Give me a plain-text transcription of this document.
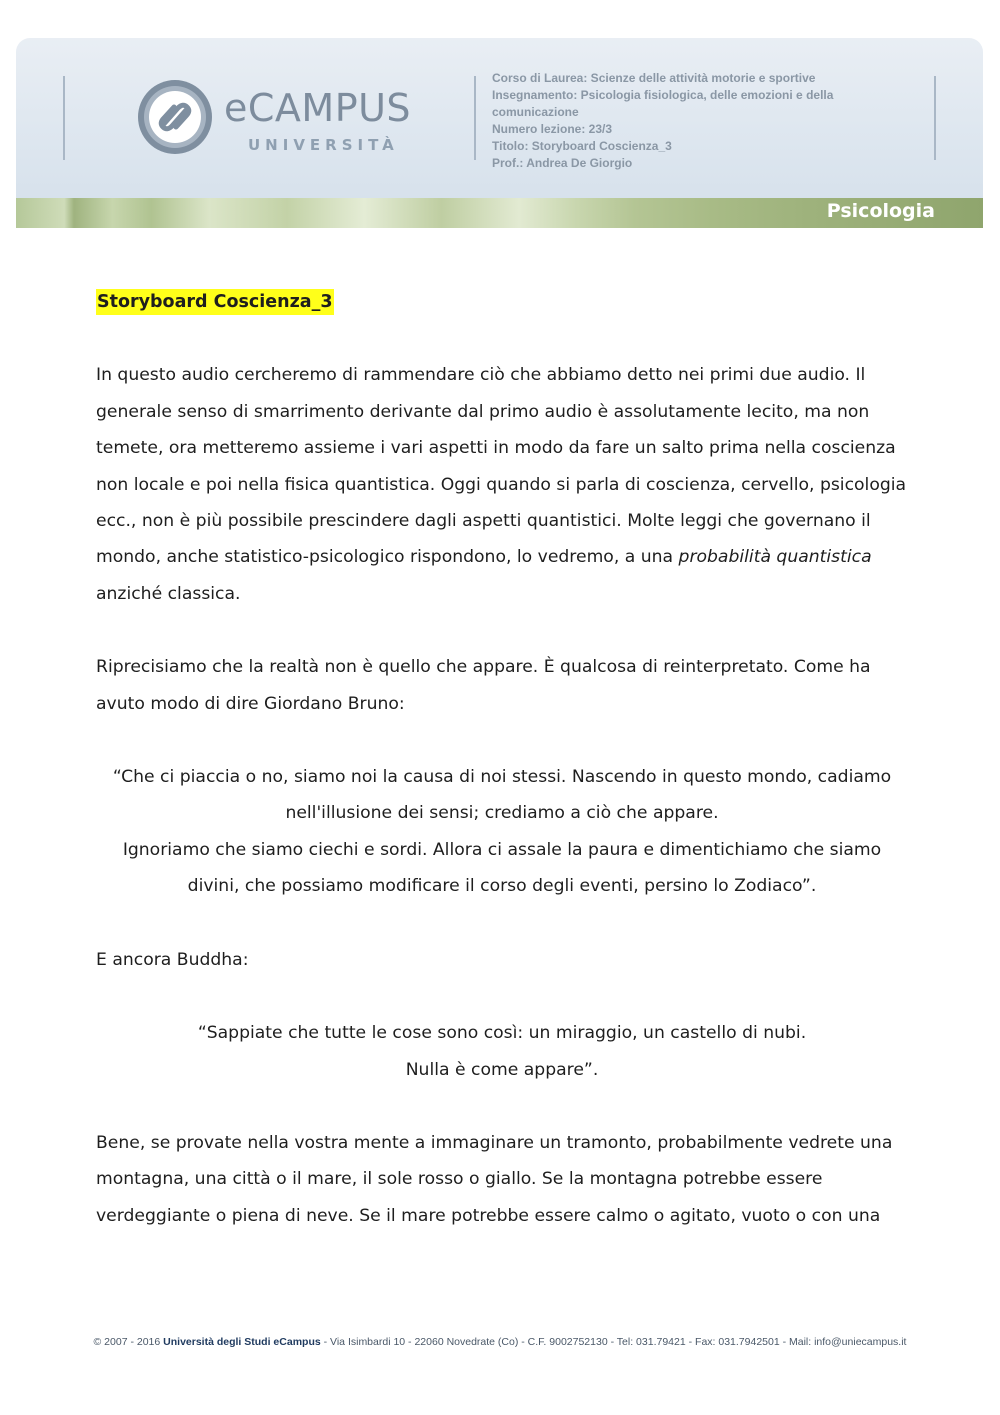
eCAMPUS
UNIVERSITÀ
Corso di Laurea: Scienze delle attività motorie e sportive
Insegnamento: Psicologia fisiologica, delle emozioni e della
comunicazione
Numero lezione: 23/3
Titolo: Storyboard Coscienza_3
Prof.: Andrea De Giorgio
Psicologia

Storyboard Coscienza_3

In questo audio cercheremo di rammendare ciò che abbiamo detto nei primi due audio. Il generale senso di smarrimento derivante dal primo audio è assolutamente lecito, ma non temete, ora metteremo assieme i vari aspetti in modo da fare un salto prima nella coscienza non locale e poi nella fisica quantistica. Oggi quando si parla di coscienza, cervello, psicologia ecc., non è più possibile prescindere dagli aspetti quantistici. Molte leggi che governano il mondo, anche statistico-psicologico rispondono, lo vedremo, a una probabilità quantistica anziché classica.

Riprecisiamo che la realtà non è quello che appare. È qualcosa di reinterpretato. Come ha avuto modo di dire Giordano Bruno:

“Che ci piaccia o no, siamo noi la causa di noi stessi. Nascendo in questo mondo, cadiamo nell'illusione dei sensi; crediamo a ciò che appare.

Ignoriamo che siamo ciechi e sordi. Allora ci assale la paura e dimentichiamo che siamo divini, che possiamo modificare il corso degli eventi, persino lo Zodiaco”.

E ancora Buddha:

“Sappiate che tutte le cose sono così: un miraggio, un castello di nubi.

Nulla è come appare”.

Bene, se provate nella vostra mente a immaginare un tramonto, probabilmente vedrete una montagna, una città o il mare, il sole rosso o giallo. Se la montagna potrebbe essere verdeggiante o piena di neve. Se il mare potrebbe essere calmo o agitato, vuoto o con una

© 2007 - 2016 Università degli Studi eCampus - Via Isimbardi 10 - 22060 Novedrate (Co) - C.F. 9002752130 - Tel: 031.79421 - Fax: 031.7942501 - Mail: info@uniecampus.it
